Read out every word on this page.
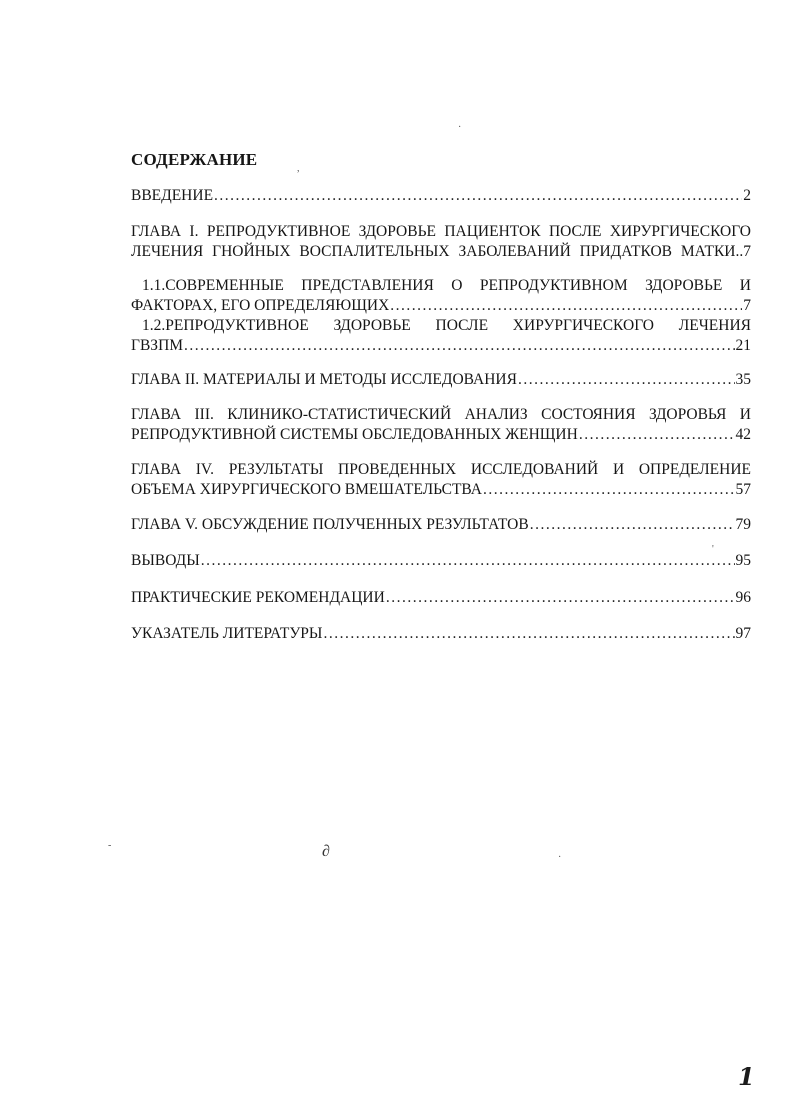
·
,
СОДЕРЖАНИЕ
ВВЕДЕНИЕ .....	2
ГЛАВА I. РЕПРОДУКТИВНОЕ ЗДОРОВЬЕ ПАЦИЕНТОК ПОСЛЕ ХИРУРГИЧЕСКОГО
ЛЕЧЕНИЯ ГНОЙНЫХ ВОСПАЛИТЕЛЬНЫХ ЗАБОЛЕВАНИЙ ПРИДАТКОВ МАТКИ..7
1.1.СОВРЕМЕННЫЕ ПРЕДСТАВЛЕНИЯ О РЕПРОДУКТИВНОМ ЗДОРОВЬЕ И
ФАКТОРАХ, ЕГО ОПРЕДЕЛЯЮЩИХ .....	7
1.2.РЕПРОДУКТИВНОЕ ЗДОРОВЬЕ ПОСЛЕ ХИРУРГИЧЕСКОГО ЛЕЧЕНИЯ
ГВЗПМ .....	21
ГЛАВА II. МАТЕРИАЛЫ И МЕТОДЫ ИССЛЕДОВАНИЯ .....	35
ГЛАВА III. КЛИНИКО-СТАТИСТИЧЕСКИЙ АНАЛИЗ СОСТОЯНИЯ ЗДОРОВЬЯ И
РЕПРОДУКТИВНОЙ СИСТЕМЫ ОБСЛЕДОВАННЫХ ЖЕНЩИН .....	42
ГЛАВА IV. РЕЗУЛЬТАТЫ ПРОВЕДЕННЫХ ИССЛЕДОВАНИЙ И ОПРЕДЕЛЕНИЕ
ОБЪЕМА ХИРУРГИЧЕСКОГО ВМЕШАТЕЛЬСТВА .....	57
ГЛАВА V. ОБСУЖДЕНИЕ ПОЛУЧЕННЫХ РЕЗУЛЬТАТОВ .....	79
ВЫВОДЫ .....	95
ПРАКТИЧЕСКИЕ РЕКОМЕНДАЦИИ .....	96
УКАЗАТЕЛЬ ЛИТЕРАТУРЫ .....	97
'
-
·
∂
1
